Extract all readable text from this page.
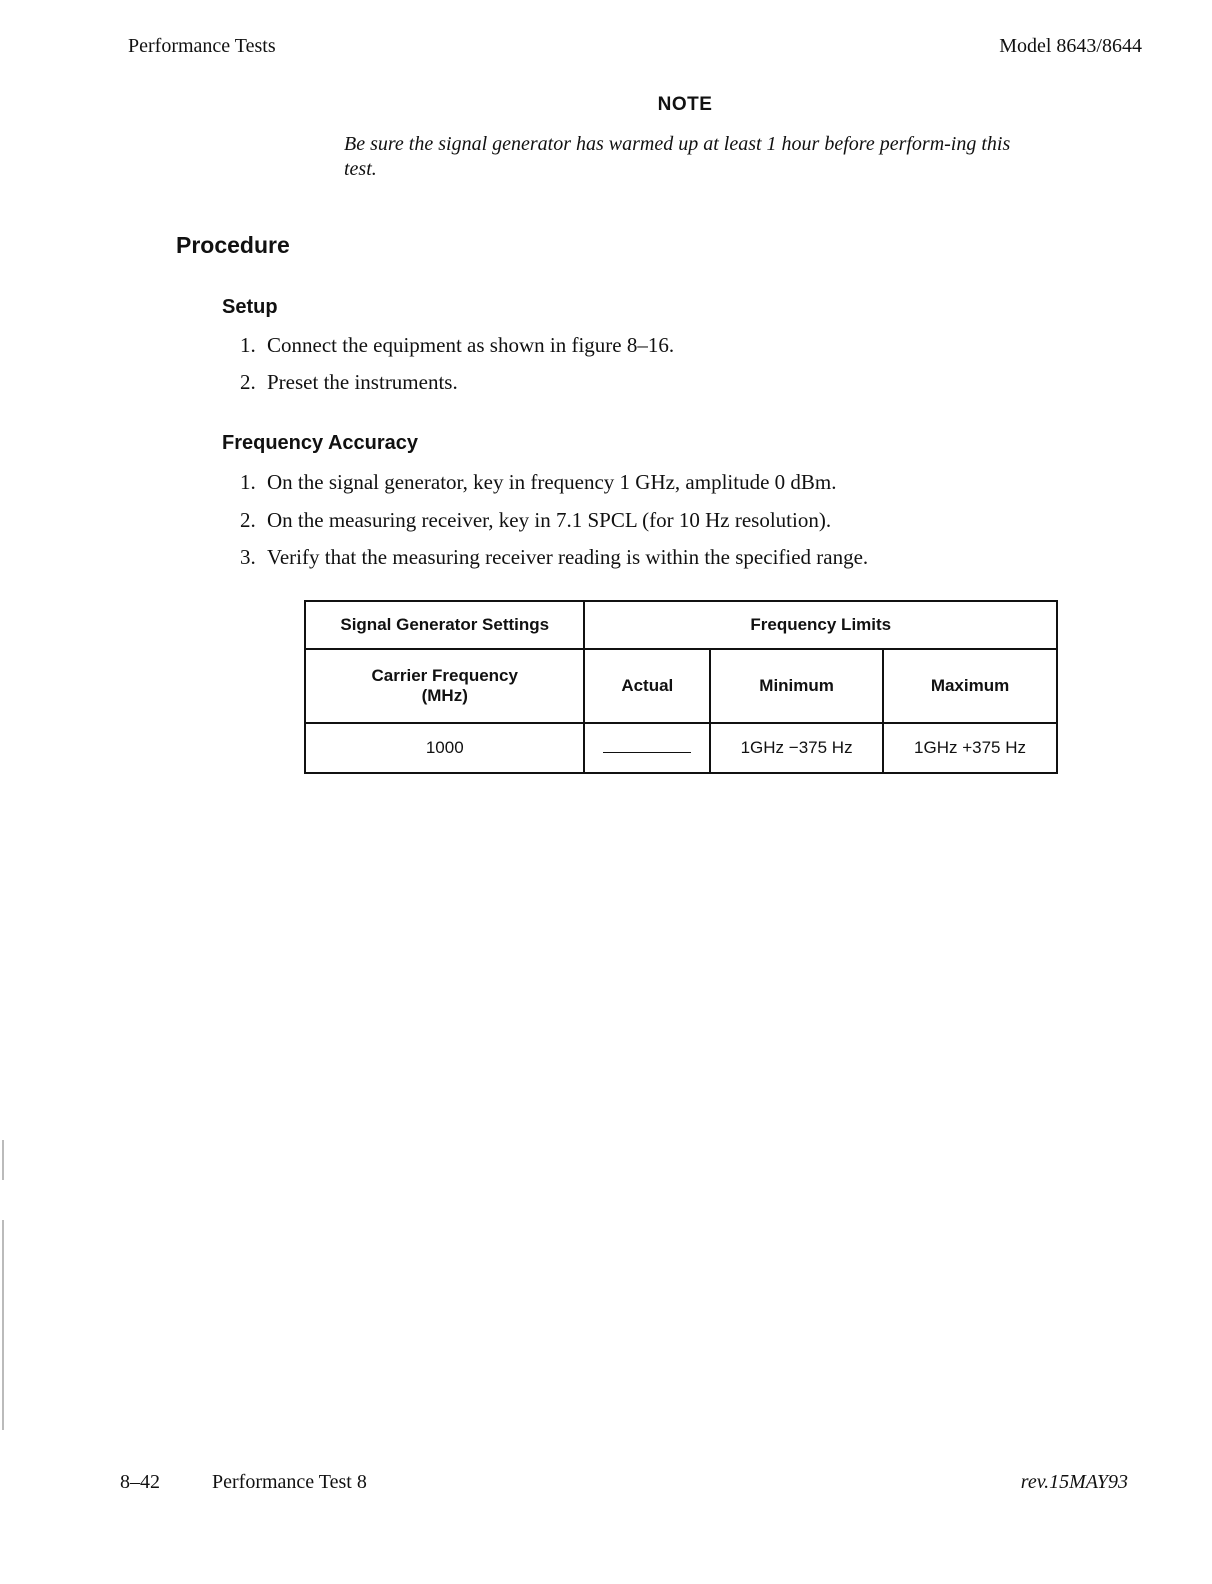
Performance Tests	Model 8643/8644
NOTE
Be sure the signal generator has warmed up at least 1 hour before perform-ing this test.
Procedure
Setup
1. Connect the equipment as shown in figure 8–16.
2. Preset the instruments.
Frequency Accuracy
1. On the signal generator, key in frequency 1 GHz, amplitude 0 dBm.
2. On the measuring receiver, key in 7.1 SPCL (for 10 Hz resolution).
3. Verify that the measuring receiver reading is within the specified range.
Signal Generator Settings	Frequency Limits		
Carrier Frequency (MHz)	Actual	Minimum	Maximum
1000		1GHz −375 Hz	1GHz +375 Hz
8–42	Performance Test 8	rev.15MAY93
